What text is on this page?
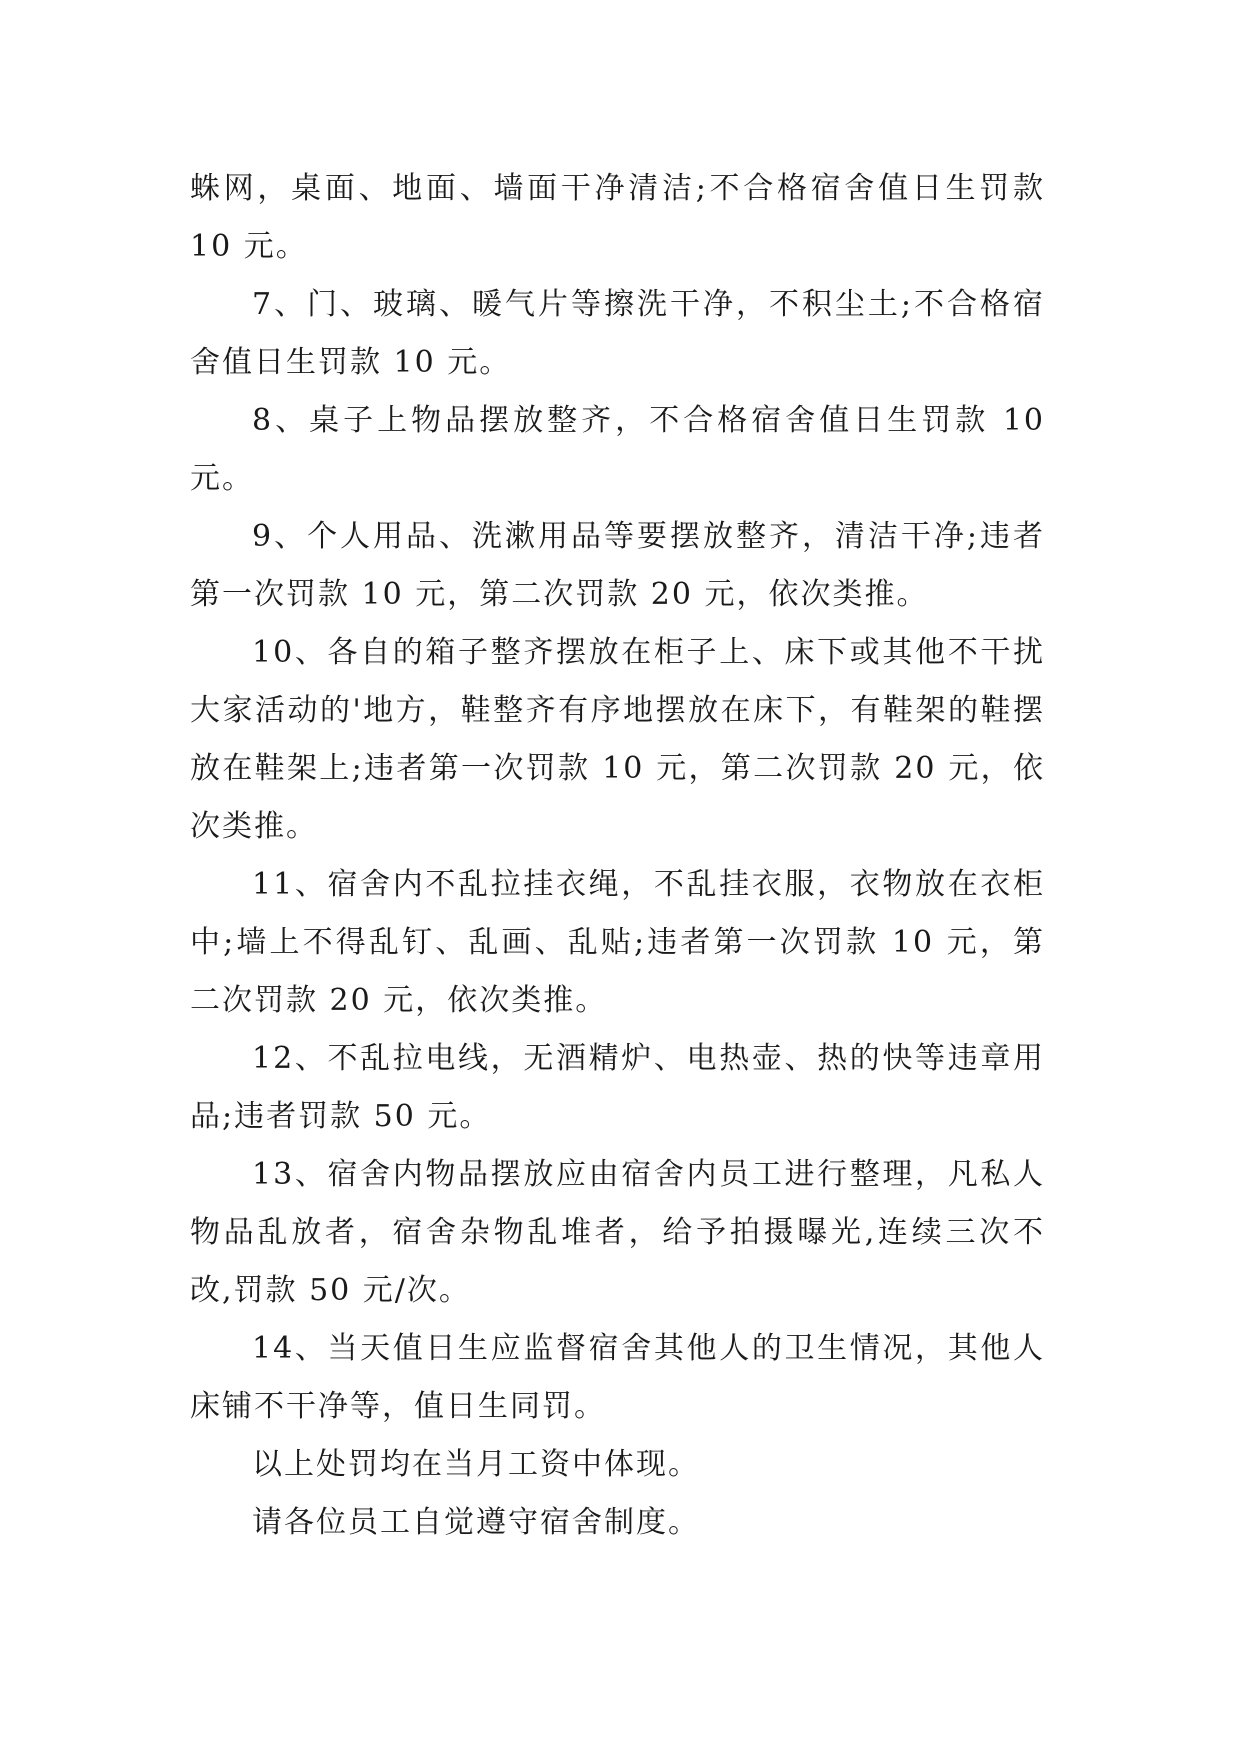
蛛网，桌面、地面、墙面干净清洁;不合格宿舍值日生罚款 10 元。

7、门、玻璃、暖气片等擦洗干净，不积尘土;不合格宿舍值日生罚款 10 元。

8、桌子上物品摆放整齐，不合格宿舍值日生罚款 10 元。

9、个人用品、洗漱用品等要摆放整齐，清洁干净;违者第一次罚款 10 元，第二次罚款 20 元，依次类推。

10、各自的箱子整齐摆放在柜子上、床下或其他不干扰大家活动的'地方，鞋整齐有序地摆放在床下，有鞋架的鞋摆放在鞋架上;违者第一次罚款 10 元，第二次罚款 20 元，依次类推。

11、宿舍内不乱拉挂衣绳，不乱挂衣服，衣物放在衣柜中;墙上不得乱钉、乱画、乱贴;违者第一次罚款 10 元，第二次罚款 20 元，依次类推。

12、不乱拉电线，无酒精炉、电热壶、热的快等违章用品;违者罚款 50 元。

13、宿舍内物品摆放应由宿舍内员工进行整理，凡私人物品乱放者，宿舍杂物乱堆者，给予拍摄曝光,连续三次不改,罚款 50 元/次。

14、当天值日生应监督宿舍其他人的卫生情况，其他人床铺不干净等，值日生同罚。

以上处罚均在当月工资中体现。

请各位员工自觉遵守宿舍制度。
